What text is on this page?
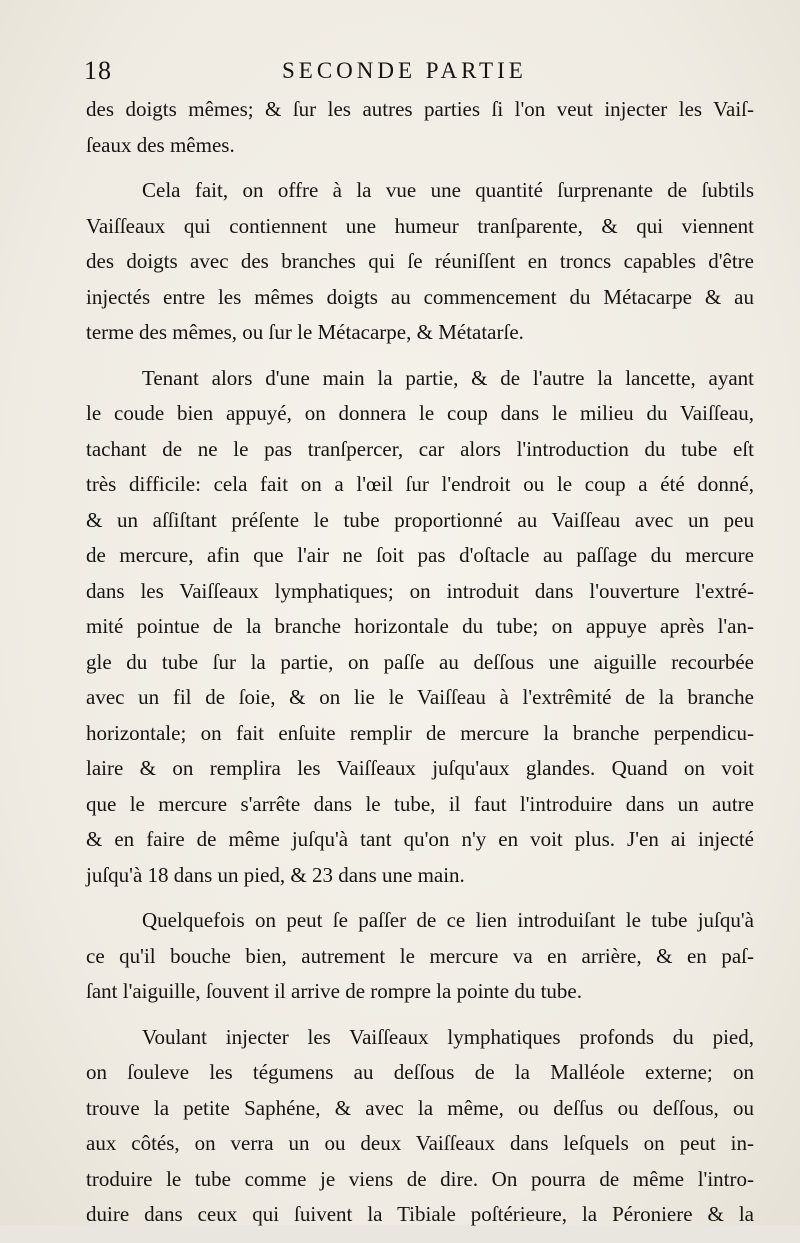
18	SECONDE PARTIE
des doigts mêmes; & ſur les autres parties ſi l'on veut injecter les Vaiſ-
ſeaux des mêmes.
Cela fait, on offre à la vue une quantité ſurprenante de ſubtils
Vaiſſeaux qui contiennent une humeur tranſparente, & qui viennent
des doigts avec des branches qui ſe réuniſſent en troncs capables d'être
injectés entre les mêmes doigts au commencement du Métacarpe & au
terme des mêmes, ou ſur le Métacarpe, & Métatarſe.
Tenant alors d'une main la partie, & de l'autre la lancette, ayant
le coude bien appuyé, on donnera le coup dans le milieu du Vaiſſeau,
tachant de ne le pas tranſpercer, car alors l'introduction du tube eſt
très difficile: cela fait on a l'œil ſur l'endroit ou le coup a été donné,
& un aſſiſtant préſente le tube proportionné au Vaiſſeau avec un peu
de mercure, afin que l'air ne ſoit pas d'oſtacle au paſſage du mercure
dans les Vaiſſeaux lymphatiques; on introduit dans l'ouverture l'extré-
mité pointue de la branche horizontale du tube; on appuye après l'an-
gle du tube ſur la partie, on paſſe au deſſous une aiguille recourbée
avec un fil de ſoie, & on lie le Vaiſſeau à l'extrêmité de la branche
horizontale; on fait enſuite remplir de mercure la branche perpendicu-
laire & on remplira les Vaiſſeaux juſqu'aux glandes. Quand on voit
que le mercure s'arrête dans le tube, il faut l'introduire dans un autre
& en faire de même juſqu'à tant qu'on n'y en voit plus. J'en ai injecté
juſqu'à 18 dans un pied, & 23 dans une main.
Quelquefois on peut ſe paſſer de ce lien introduiſant le tube juſqu'à
ce qu'il bouche bien, autrement le mercure va en arrière, & en paſ-
ſant l'aiguille, ſouvent il arrive de rompre la pointe du tube.
Voulant injecter les Vaiſſeaux lymphatiques profonds du pied,
on ſouleve les tégumens au deſſous de la Malléole externe; on
trouve la petite Saphéne, & avec la même, ou deſſus ou deſſous, ou
aux côtés, on verra un ou deux Vaiſſeaux dans leſquels on peut in-
troduire le tube comme je viens de dire. On pourra de même l'intro-
duire dans ceux qui ſuivent la Tibiale poſtérieure, la Péroniere & la
